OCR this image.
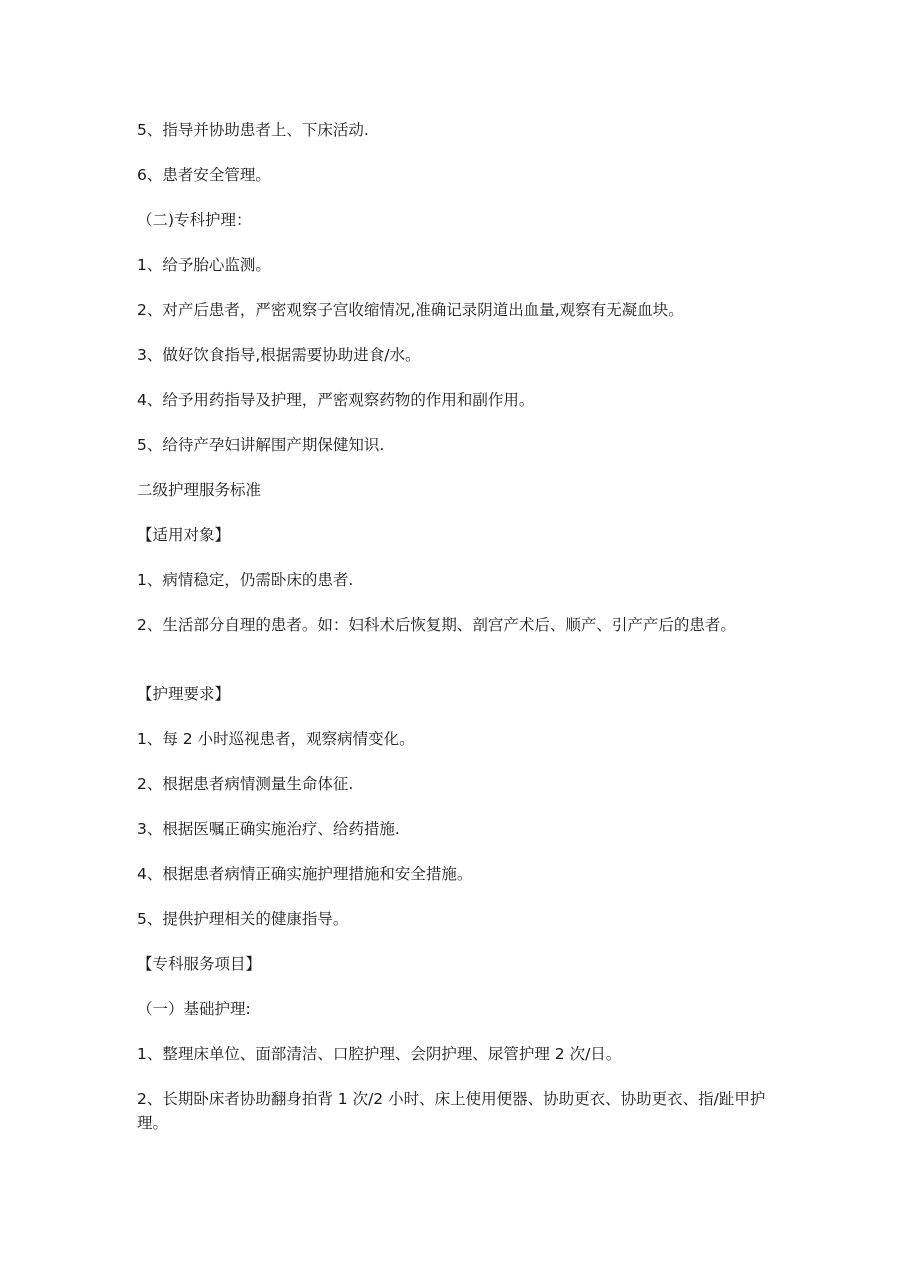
5、指导并协助患者上、下床活动.
6、患者安全管理。
（二)专科护理：
1、给予胎心监测。
2、对产后患者，严密观察子宫收缩情况,准确记录阴道出血量,观察有无凝血块。
3、做好饮食指导,根据需要协助进食/水。
4、给予用药指导及护理，严密观察药物的作用和副作用。
5、给待产孕妇讲解围产期保健知识.
二级护理服务标准
【适用对象】
1、病情稳定，仍需卧床的患者.
2、生活部分自理的患者。如：妇科术后恢复期、剖宫产术后、顺产、引产产后的患者。
【护理要求】
1、每 2 小时巡视患者，观察病情变化。
2、根据患者病情测量生命体征.
3、根据医嘱正确实施治疗、给药措施.
4、根据患者病情正确实施护理措施和安全措施。
5、提供护理相关的健康指导。
【专科服务项目】
（一）基础护理:
1、整理床单位、面部清洁、口腔护理、会阴护理、尿管护理 2 次/日。
2、长期卧床者协助翻身拍背 1 次/2 小时、床上使用便器、协助更衣、协助更衣、指/趾甲护理。
